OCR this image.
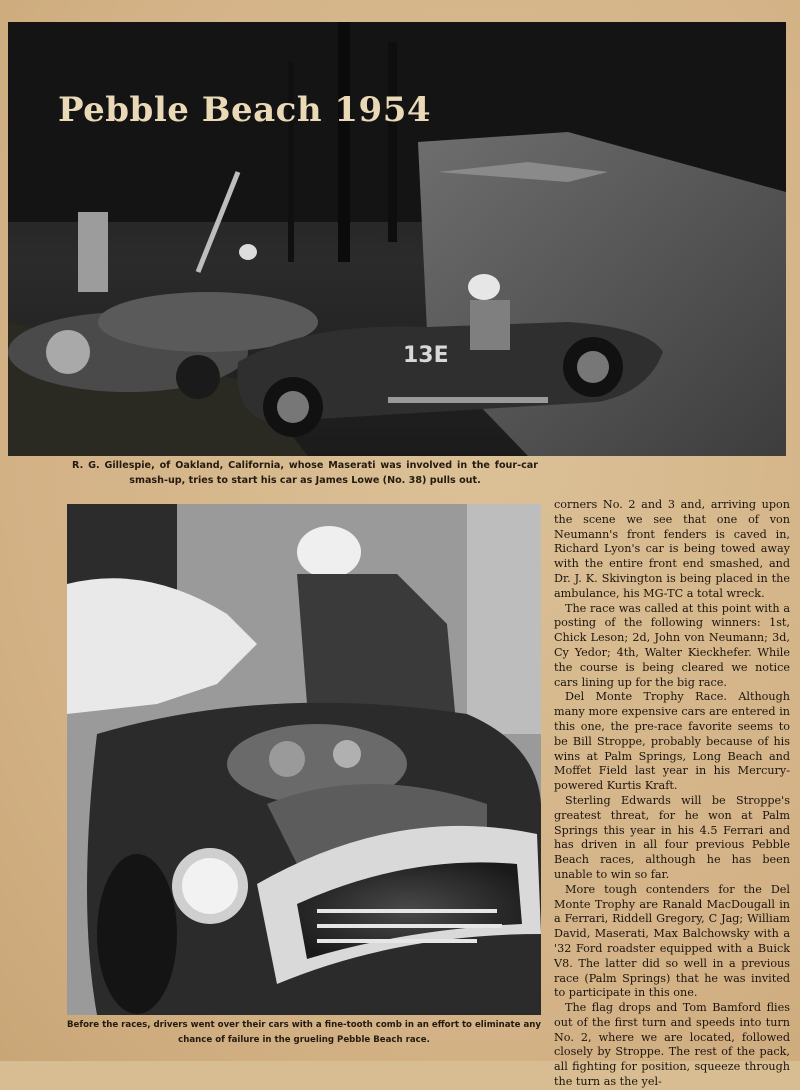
13E
Pebble Beach 1954

R. G. Gillespie, of Oakland, California, whose Maserati was involved in the four-car smash-up, tries to start his car as James Lowe (No. 38) pulls out.

Before the races, drivers went over their cars with a fine-tooth comb in an effort to eliminate any chance of failure in the grueling Pebble Beach race.

corners No. 2 and 3 and, arriving upon the scene we see that one of von Neumann's front fenders is caved in, Richard Lyon's car is being towed away with the entire front end smashed, and Dr. J. K. Skivington is being placed in the ambulance, his MG-TC a total wreck.

The race was called at this point with a posting of the following winners: 1st, Chick Leson; 2d, John von Neumann; 3d, Cy Yedor; 4th, Walter Kieckhefer. While the course is being cleared we notice cars lining up for the big race.

Del Monte Trophy Race. Although many more expensive cars are entered in this one, the pre-race favorite seems to be Bill Stroppe, probably because of his wins at Palm Springs, Long Beach and Moffet Field last year in his Mercury-powered Kurtis Kraft.

Sterling Edwards will be Stroppe's greatest threat, for he won at Palm Springs this year in his 4.5 Ferrari and has driven in all four previous Pebble Beach races, although he has been unable to win so far.

More tough contenders for the Del Monte Trophy are Ranald MacDougall in a Ferrari, Riddell Gregory, C Jag; William David, Maserati, Max Balchowsky with a '32 Ford roadster equipped with a Buick V8. The latter did so well in a previous race (Palm Springs) that he was invited to participate in this one.

The flag drops and Tom Bamford flies out of the first turn and speeds into turn No. 2, where we are located, followed closely by Stroppe. The rest of the pack, all fighting for position, squeeze through the turn as the yel-
